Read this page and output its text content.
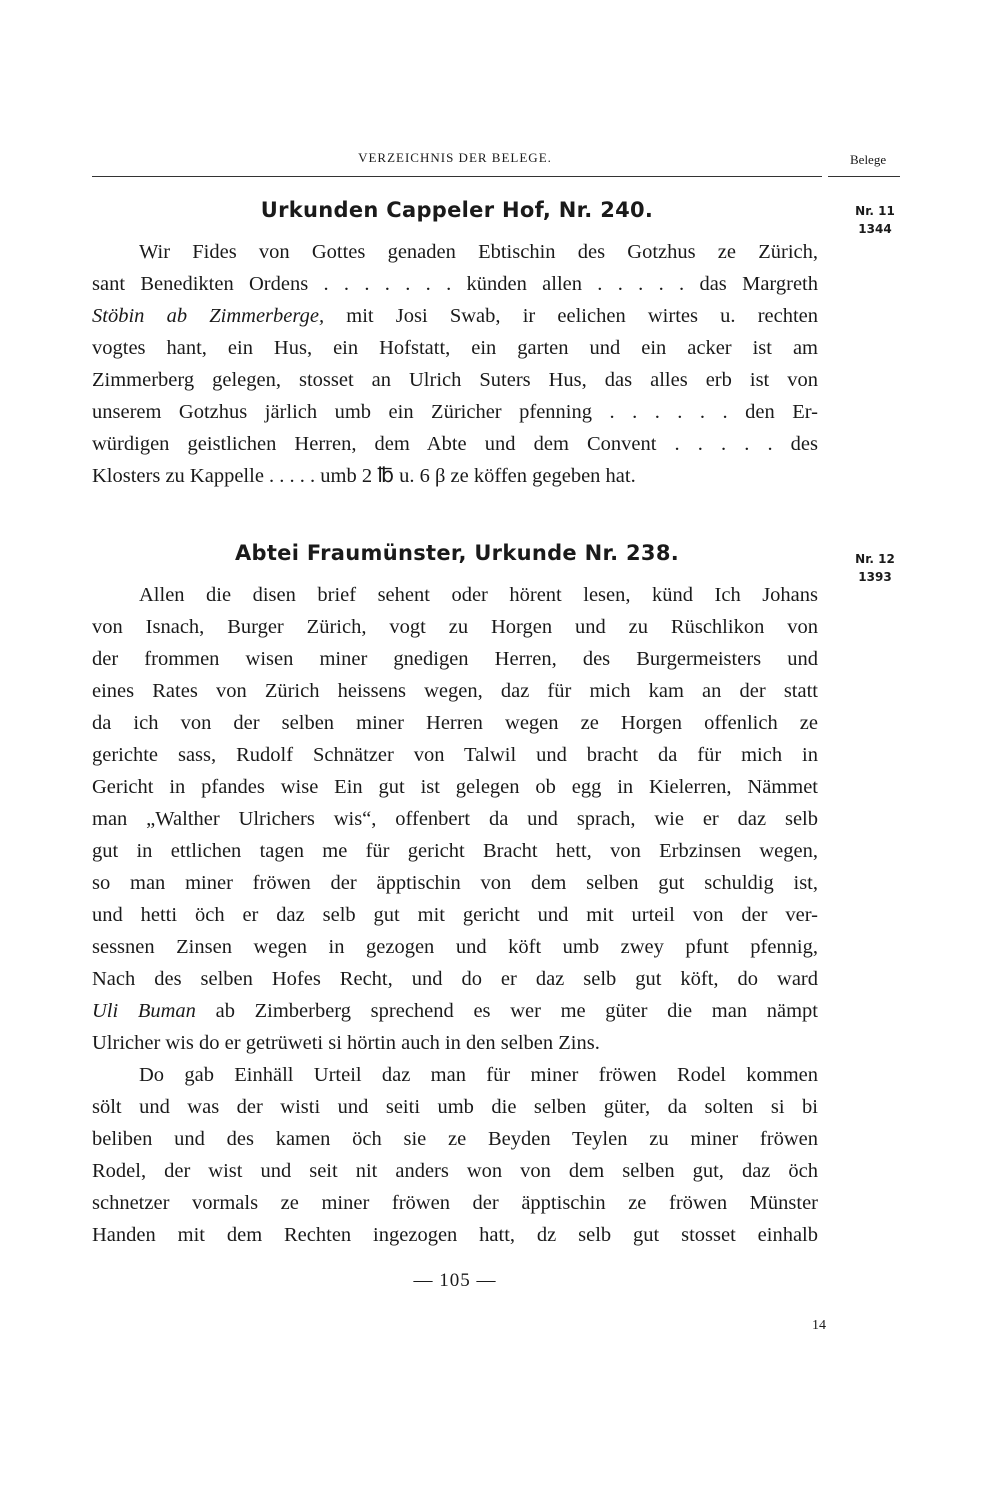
VERZEICHNIS DER BELEGE.	Belege
Urkunden Cappeler Hof, Nr. 240.	Nr. 11
1344
Wir Fides von Gottes genaden Ebtischin des Gotzhus ze Zürich,
sant Benedikten Ordens . . . . . . . künden allen . . . . . das Margreth
Stöbin ab Zimmerberge, mit Josi Swab, ir eelichen wirtes u. rechten
vogtes hant, ein Hus, ein Hofstatt, ein garten und ein acker ist am
Zimmerberg gelegen, stosset an Ulrich Suters Hus, das alles erb ist von
unserem Gotzhus järlich umb ein Züricher pfenning . . . . . . den Er-
würdigen geistlichen Herren, dem Abte und dem Convent . . . . . des
Klosters zu Kappelle . . . . . umb 2 ℔ u. 6 β ze köffen gegeben hat.
Abtei Fraumünster, Urkunde Nr. 238.	Nr. 12
1393
Allen die disen brief sehent oder hörent lesen, künd Ich Johans
von Isnach, Burger Zürich, vogt zu Horgen und zu Rüschlikon von
der frommen wisen miner gnedigen Herren, des Burgermeisters und
eines Rates von Zürich heissens wegen, daz für mich kam an der statt
da ich von der selben miner Herren wegen ze Horgen offenlich ze
gerichte sass, Rudolf Schnätzer von Talwil und bracht da für mich in
Gericht in pfandes wise Ein gut ist gelegen ob egg in Kielerren, Nämmet
man „Walther Ulrichers wis“, offenbert da und sprach, wie er daz selb
gut in ettlichen tagen me für gericht Bracht hett, von Erbzinsen wegen,
so man miner fröwen der äpptischin von dem selben gut schuldig ist,
und hetti öch er daz selb gut mit gericht und mit urteil von der ver-
sessnen Zinsen wegen in gezogen und köft umb zwey pfunt pfennig,
Nach des selben Hofes Recht, und do er daz selb gut köft, do ward
Uli Buman ab Zimberberg sprechend es wer me güter die man nämpt
Ulricher wis do er getrüweti si hörtin auch in den selben Zins.
Do gab Einhäll Urteil daz man für miner fröwen Rodel kommen
sölt und was der wisti und seiti umb die selben güter, da solten si bi
beliben und des kamen öch sie ze Beyden Teylen zu miner fröwen
Rodel, der wist und seit nit anders won von dem selben gut, daz öch
schnetzer vormals ze miner fröwen der äpptischin ze fröwen Münster
Handen mit dem Rechten ingezogen hatt, dz selb gut stosset einhalb
— 105 —
14
